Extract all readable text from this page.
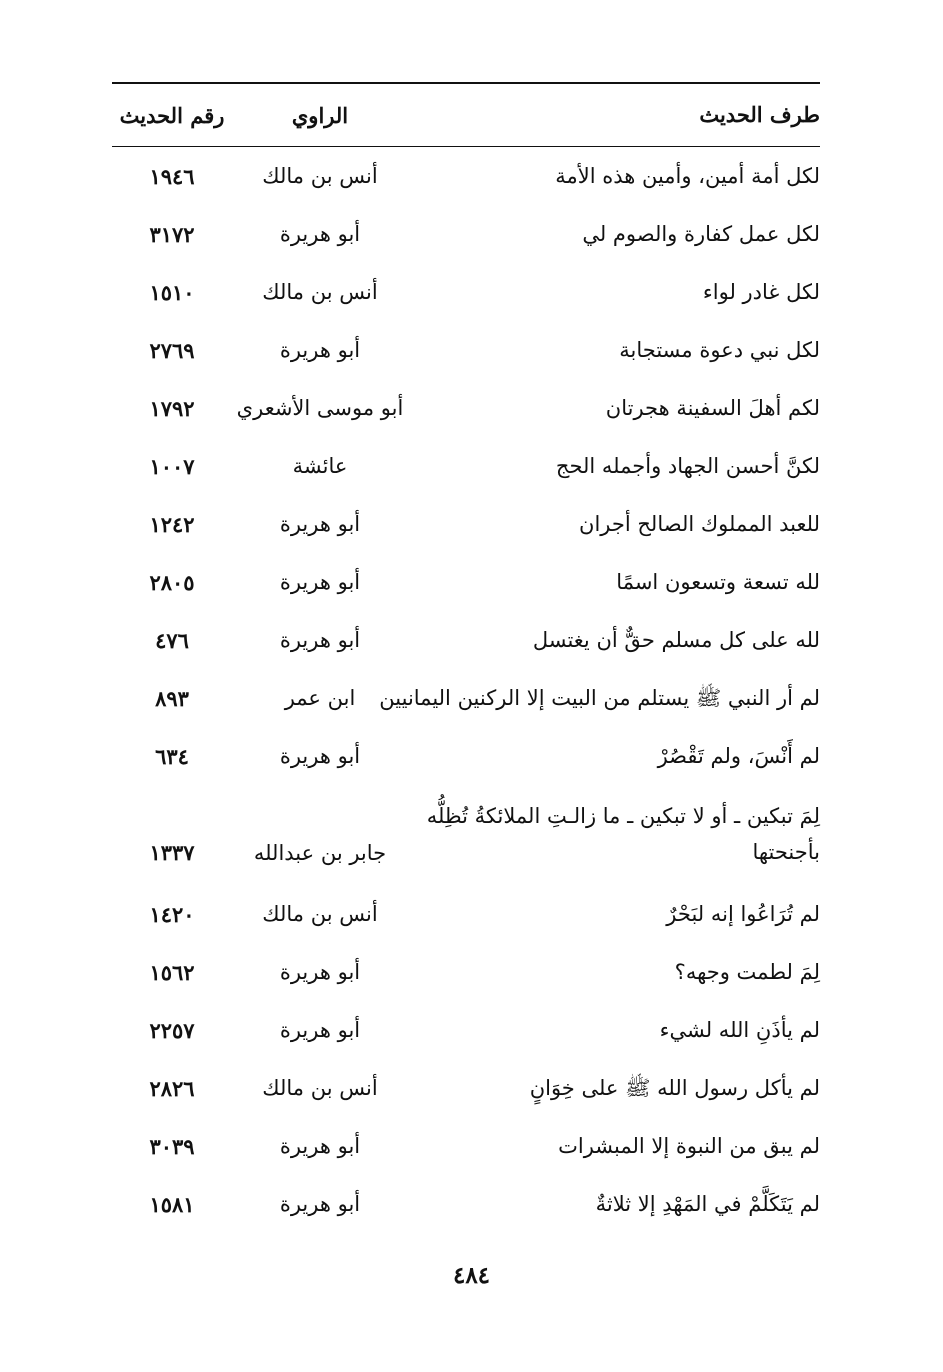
طرف الحديث
الراوي
رقم الحديث
لكل أمة أمين، وأمين هذه الأمة
أنس بن مالك
١٩٤٦
لكل عمل كفارة والصوم لي
أبو هريرة
٣١٧٢
لكل غادر لواء
أنس بن مالك
١٥١٠
لكل نبي دعوة مستجابة
أبو هريرة
٢٧٦٩
لكم أهلَ السفينة هجرتان
أبو موسى الأشعري
١٧٩٢
لكنَّ أحسن الجهاد وأجمله الحج
عائشة
١٠٠٧
للعبد المملوك الصالح أجران
أبو هريرة
١٢٤٢
لله تسعة وتسعون اسمًا
أبو هريرة
٢٨٠٥
لله على كل مسلم حقٌّ أن يغتسل
أبو هريرة
٤٧٦
لم أر النبي ﷺ يستلم من البيت إلا الركنين اليمانيين
ابن عمر
٨٩٣
لم أَنْسَ، ولم تَقْصُرْ
أبو هريرة
٦٣٤
لِمَ تبكين ـ أو لا تبكين ـ ما زالـتِ الملائكةُ تُظِلُّه بأجنحتها
جابر بن عبدالله
١٣٣٧
لم تُرَاعُوا إنه لبَحْرٌ
أنس بن مالك
١٤٢٠
لِمَ لطمت وجهه؟
أبو هريرة
١٥٦٢
لم يأذَنِ الله لشيء
أبو هريرة
٢٢٥٧
لم يأكل رسول الله ﷺ على خِوَانٍ
أنس بن مالك
٢٨٢٦
لم يبق من النبوة إلا المبشرات
أبو هريرة
٣٠٣٩
لم يَتَكَلَّمْ في المَهْدِ إلا ثلاثةٌ
أبو هريرة
١٥٨١
٤٨٤
